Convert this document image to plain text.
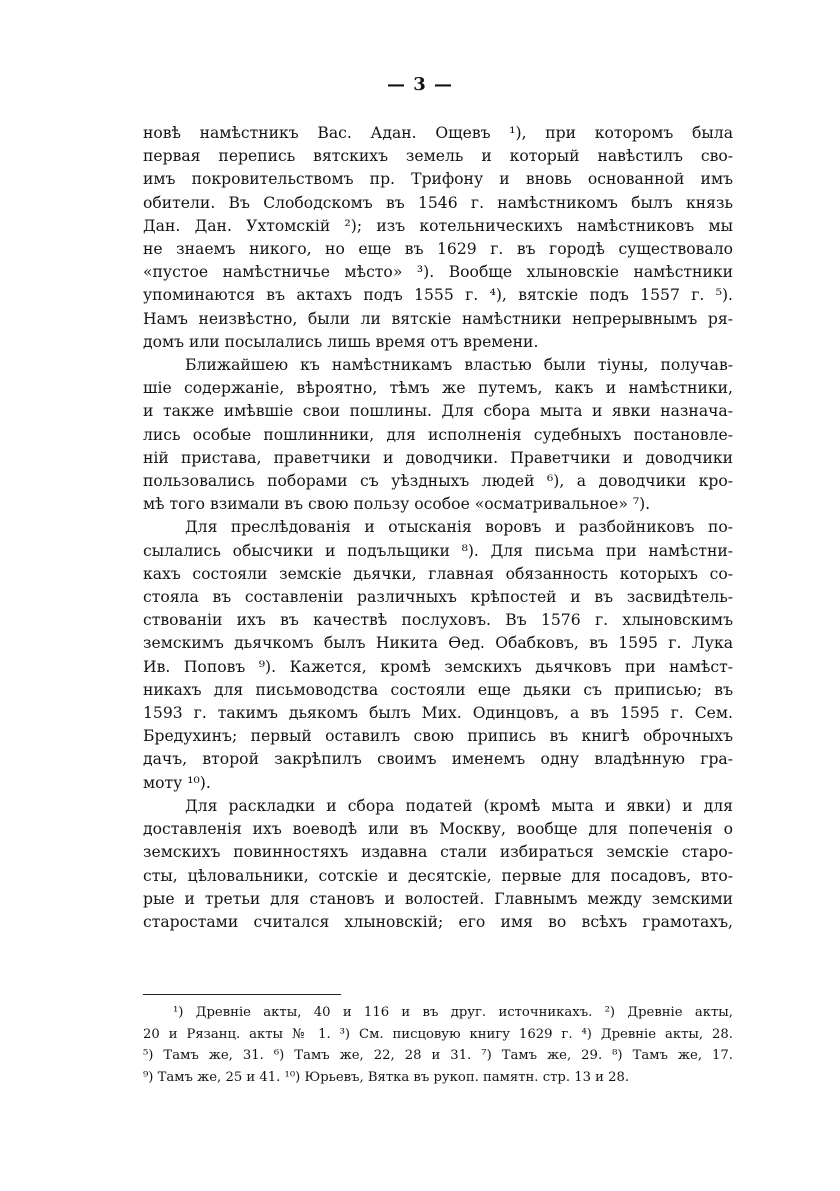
— 3 —

новѣ намѣстникъ Вас. Адан. Ощевъ ¹), при которомъ была
первая перепись вятскихъ земель и который навѣстилъ сво-
имъ покровительствомъ пр. Трифону и вновь основанной имъ
обители. Въ Слободскомъ въ 1546 г. намѣстникомъ былъ князь
Дан. Дан. Ухтомскій ²); изъ котельническихъ намѣстниковъ мы
не знаемъ никого, но еще въ 1629 г. въ городѣ существовало
«пустое намѣстничье мѣсто» ³). Вообще хлыновскіе намѣстники
упоминаются въ актахъ подъ 1555 г. ⁴), вятскіе подъ 1557 г. ⁵).
Намъ неизвѣстно, были ли вятскіе намѣстники непрерывнымъ ря-
домъ или посылались лишь время отъ времени.

Ближайшею къ намѣстникамъ властью были тіуны, получав-
шіе содержаніе, вѣроятно, тѣмъ же путемъ, какъ и намѣстники,
и также имѣвшіе свои пошлины. Для сбора мыта и явки назнача-
лись особые пошлинники, для исполненія судебныхъ постановле-
ній пристава, праветчики и доводчики. Праветчики и доводчики
пользовались поборами съ уѣздныхъ людей ⁶), а доводчики кро-
мѣ того взимали въ свою пользу особое «осматривальное» ⁷).

Для преслѣдованія и отысканія воровъ и разбойниковъ по-
сылались обысчики и подъльщики ⁸). Для письма при намѣстни-
кахъ состояли земскіе дьячки, главная обязанность которыхъ со-
стояла въ составленіи различныхъ крѣпостей и въ засвидѣтель-
ствованіи ихъ въ качествѣ послуховъ. Въ 1576 г. хлыновскимъ
земскимъ дьячкомъ былъ Никита Ѳед. Обабковъ, въ 1595 г. Лука
Ив. Поповъ ⁹). Кажется, кромѣ земскихъ дьячковъ при намѣст-
никахъ для письмоводства состояли еще дьяки съ приписью; въ
1593 г. такимъ дьякомъ былъ Мих. Одинцовъ, а въ 1595 г. Сем.
Бредухинъ; первый оставилъ свою припись въ книгѣ оброчныхъ
дачъ, второй закрѣпилъ своимъ именемъ одну владѣнную гра-
моту ¹⁰).

Для раскладки и сбора податей (кромѣ мыта и явки) и для
доставленія ихъ воеводѣ или въ Москву, вообще для попеченія о
земскихъ повинностяхъ издавна стали избираться земскіе старо-
сты, цѣловальники, сотскіе и десятскіе, первые для посадовъ, вто-
рые и третьи для становъ и волостей. Главнымъ между земскими
старостами считался хлыновскій; его имя во всѣхъ грамотахъ,

¹) Древніе акты, 40 и 116 и въ друг. источникахъ. ²) Древніе акты,
20 и Рязанц. акты № 1. ³) См. писцовую книгу 1629 г. ⁴) Древніе акты, 28.
⁵) Тамъ же, 31. ⁶) Тамъ же, 22, 28 и 31. ⁷) Тамъ же, 29. ⁸) Тамъ же, 17.
⁹) Тамъ же, 25 и 41. ¹⁰) Юрьевъ, Вятка въ рукоп. памятн. стр. 13 и 28.
